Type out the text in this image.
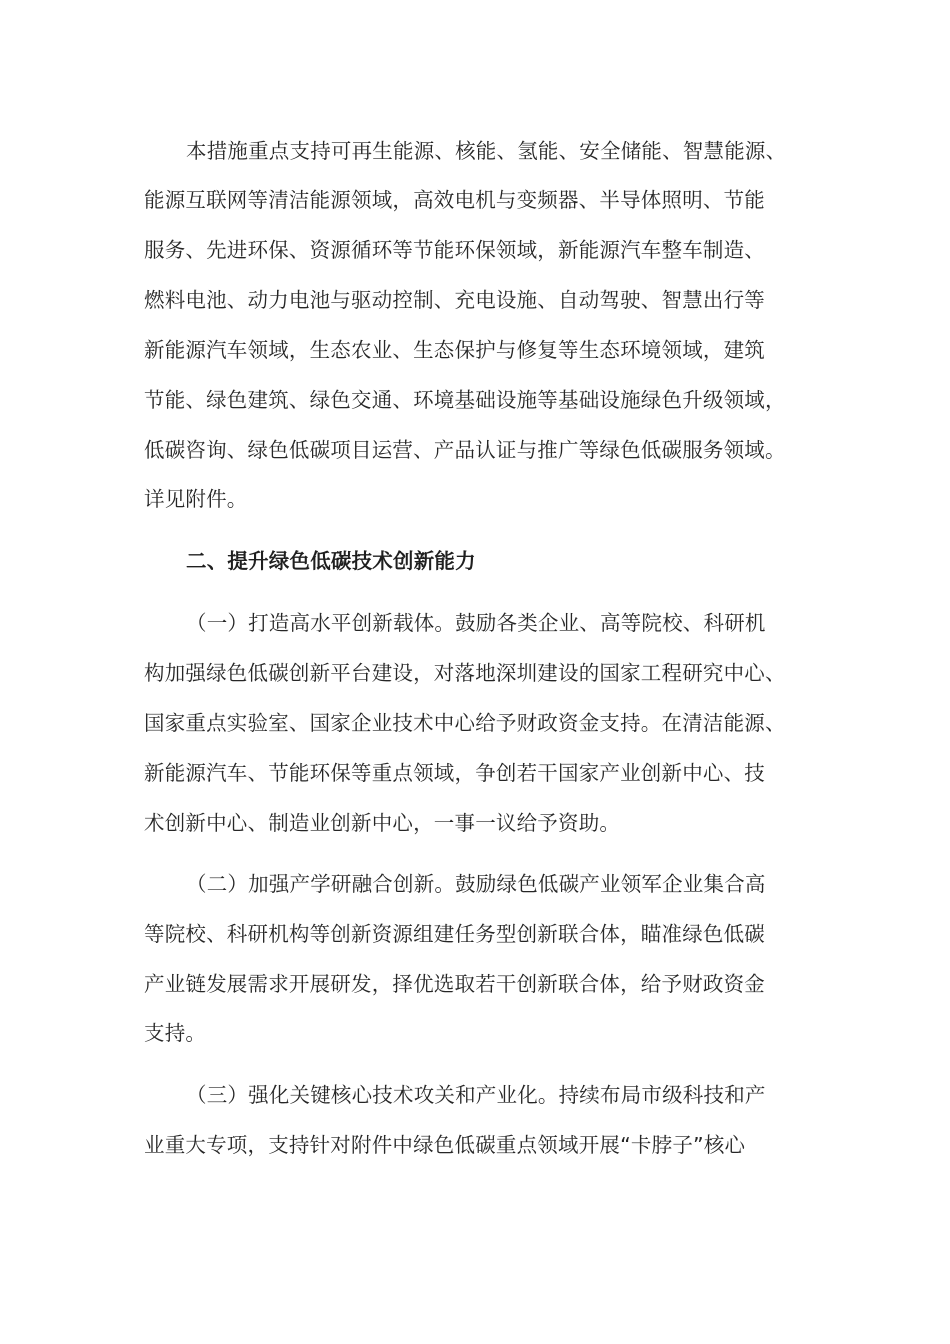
本措施重点支持可再生能源、核能、氢能、安全储能、智慧能源、
能源互联网等清洁能源领域，高效电机与变频器、半导体照明、节能
服务、先进环保、资源循环等节能环保领域，新能源汽车整车制造、
燃料电池、动力电池与驱动控制、充电设施、自动驾驶、智慧出行等
新能源汽车领域，生态农业、生态保护与修复等生态环境领域，建筑
节能、绿色建筑、绿色交通、环境基础设施等基础设施绿色升级领域，
低碳咨询、绿色低碳项目运营、产品认证与推广等绿色低碳服务领域。
详见附件。
二、提升绿色低碳技术创新能力
（一）打造高水平创新载体。鼓励各类企业、高等院校、科研机
构加强绿色低碳创新平台建设，对落地深圳建设的国家工程研究中心、
国家重点实验室、国家企业技术中心给予财政资金支持。在清洁能源、
新能源汽车、节能环保等重点领域，争创若干国家产业创新中心、技
术创新中心、制造业创新中心，一事一议给予资助。
（二）加强产学研融合创新。鼓励绿色低碳产业领军企业集合高
等院校、科研机构等创新资源组建任务型创新联合体，瞄准绿色低碳
产业链发展需求开展研发，择优选取若干创新联合体，给予财政资金
支持。
（三）强化关键核心技术攻关和产业化。持续布局市级科技和产
业重大专项，支持针对附件中绿色低碳重点领域开展“卡脖子”核心
